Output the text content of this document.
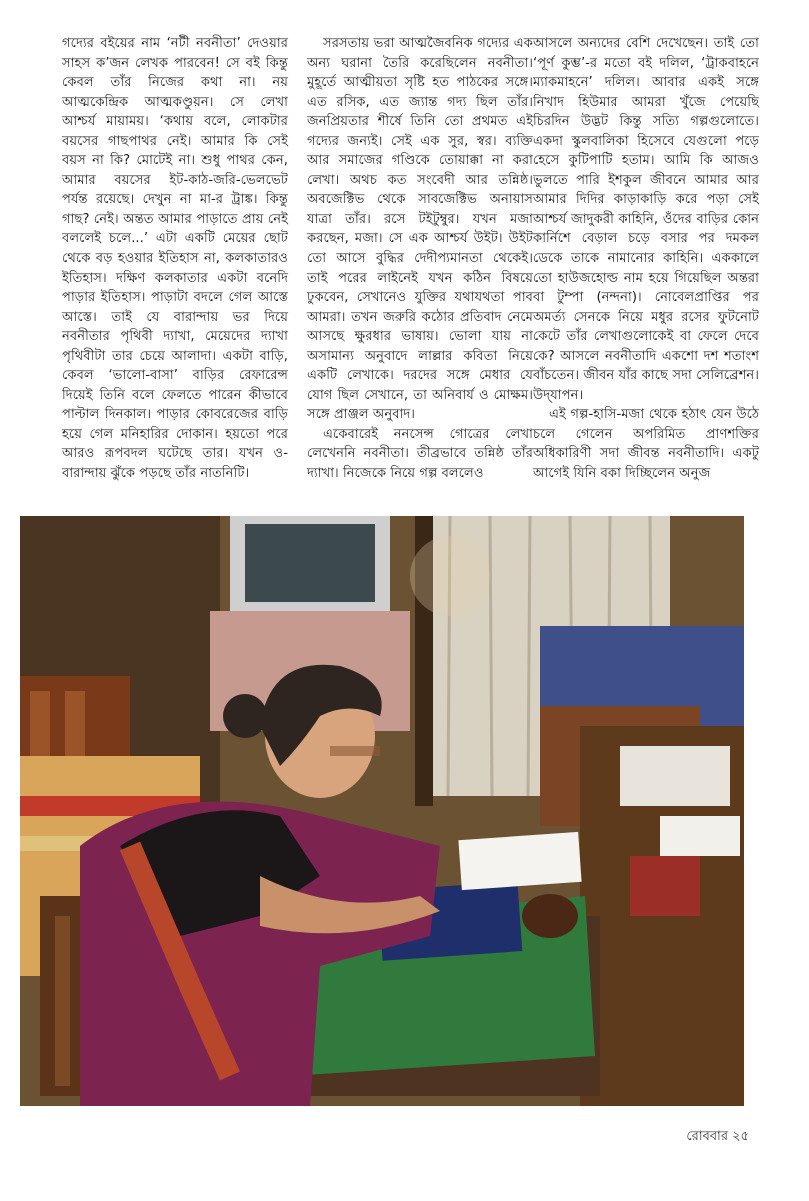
গদ্যের বইয়ের নাম ‘নটী নবনীতা’ দেওয়ার সাহস ক’জন লেখক পারবেন! সে বই কিন্তু কেবল তাঁর নিজের কথা না। নয় আত্মকেন্দ্রিক আত্মকণ্ডুয়ন। সে লেখা আশ্চর্য মায়াময়। ‘কথায় বলে, লোকটার বয়সের গাছপাথর নেই। আমার কি সেই বয়স না কি? মোটেই না। শুধু পাথর কেন, আমার বয়সের ইট-কাঠ-জরি-ভেলভেট পর্যন্ত রয়েছে। দেখুন না মা-র ট্রাঙ্ক। কিন্তু গাছ? নেই। অন্তত আমার পাড়াতে প্রায় নেই বললেই চলে...’ এটা একটি মেয়ের ছোট থেকে বড় হওয়ার ইতিহাস না, কলকাতারও ইতিহাস। দক্ষিণ কলকাতার একটা বনেদি পাড়ার ইতিহাস। পাড়াটা বদলে গেল আস্তে আস্তে। তাই যে বারান্দায় ভর দিয়ে নবনীতার পৃথিবী দ্যাখা, মেয়েদের দ্যাখা পৃথিবীটা তার চেয়ে আলাদা। একটা বাড়ি, কেবল ‘ভালো-বাসা’ বাড়ির রেফারেন্স দিয়েই তিনি বলে ফেলতে পারেন কীভাবে পাল্টাল দিনকাল। পাড়ার কোবরেজের বাড়ি হয়ে গেল মনিহারির দোকান। হয়তো পরে আরও রূপবদল ঘটেছে তার। যখন ও-বারান্দায় ঝুঁকে পড়ছে তাঁর নাতনিটি।

সরসতায় ভরা আত্মজৈবনিক গদ্যের এক অন্য ঘরানা তৈরি করেছিলেন নবনীতা। মুহূর্তে আত্মীয়তা সৃষ্টি হত পাঠকের সঙ্গে। এত রসিক, এত জ্যান্ত গদ্য ছিল তাঁর। জনপ্রিয়তার শীর্ষে তিনি তো প্রথমত এই গদ্যের জন্যই। সেই এক সুর, স্বর। ব্যক্তি আর সমাজের গণ্ডিকে তোয়াক্কা না করা লেখা। অথচ কত সংবেদী আর তন্নিষ্ঠ। অবজেক্টিভ থেকে সাবজেক্টিভ অনায়াস যাত্রা তাঁর। রসে টইটুম্বুর। যখন মজা করছেন, মজা। সে এক আশ্চর্য উইট। উইট তো আসে বুদ্ধির দেদীপ্যমানতা থেকেই। তাই পরের লাইনেই যখন কঠিন বিষয়ে ঢুকবেন, সেখানেও যুক্তির যথাযথতা পাব আমরা। তখন জরুরি কঠোর প্রতিবাদ নেমে আসছে ক্ষুরধার ভাষায়। ভোলা যায় না অসামান্য অনুবাদে লাল্লার কবিতা নিয়ে একটি লেখাকে। দরদের সঙ্গে মেধার যে যোগ ছিল সেখানে, তা অনিবার্য ও মোক্ষম। সঙ্গে প্রাঞ্জল অনুবাদ।

একেবারেই ননসেন্স গোত্রের লেখা লেখেননি নবনীতা। তীব্রভাবে তন্নিষ্ঠ তাঁর দ্যাখা। নিজেকে নিয়ে গল্প বললেও

আসলে অন্যদের বেশি দেখেছেন। তাই তো ‘পূর্ণ কুম্ভ’-র মতো বই দলিল, ‘ট্রাকবাহনে ম্যাকমাহনে’ দলিল। আবার একই সঙ্গে নিখাদ হিউমার আমরা খুঁজে পেয়েছি চিরদিন উদ্ভট কিন্তু সত্যি গল্পগুলোতে। একদা স্কুলবালিকা হিসেবে যেগুলো পড়ে হেসে কুটিপাটি হতাম। আমি কি আজও ভুলতে পারি ইশকুল জীবনে আমার আর আমার দিদির কাড়াকাড়ি করে পড়া সেই আশ্চর্য জাদুকরী কাহিনি, ওঁদের বাড়ির কোন কার্নিশে বেড়াল চড়ে বসার পর দমকল ডেকে তাকে নামানোর কাহিনি। এককালে তো হাউজহোল্ড নাম হয়ে গিয়েছিল অন্তরা বা টুম্পা (নন্দনা)। নোবেলপ্রাপ্তির পর অমর্ত্য সেনকে নিয়ে মধুর রসের ফুটনোট কেটে তাঁর লেখাগুলোকেই বা ফেলে দেবে কে? আসলে নবনীতাদি একশো দশ শতাংশ বাঁচতেন। জীবন যাঁর কাছে সদা সেলিব্রেশন। উদ্‌যাপন।

এই গল্প-হাসি-মজা থেকে হঠাৎ যেন উঠে চলে গেলেন অপরিমিত প্রাণশক্তির অধিকারিণী সদা জীবন্ত নবনীতাদি। একটু আগেই যিনি বকা দিচ্ছিলেন অনুজ

রোববার ২৫
